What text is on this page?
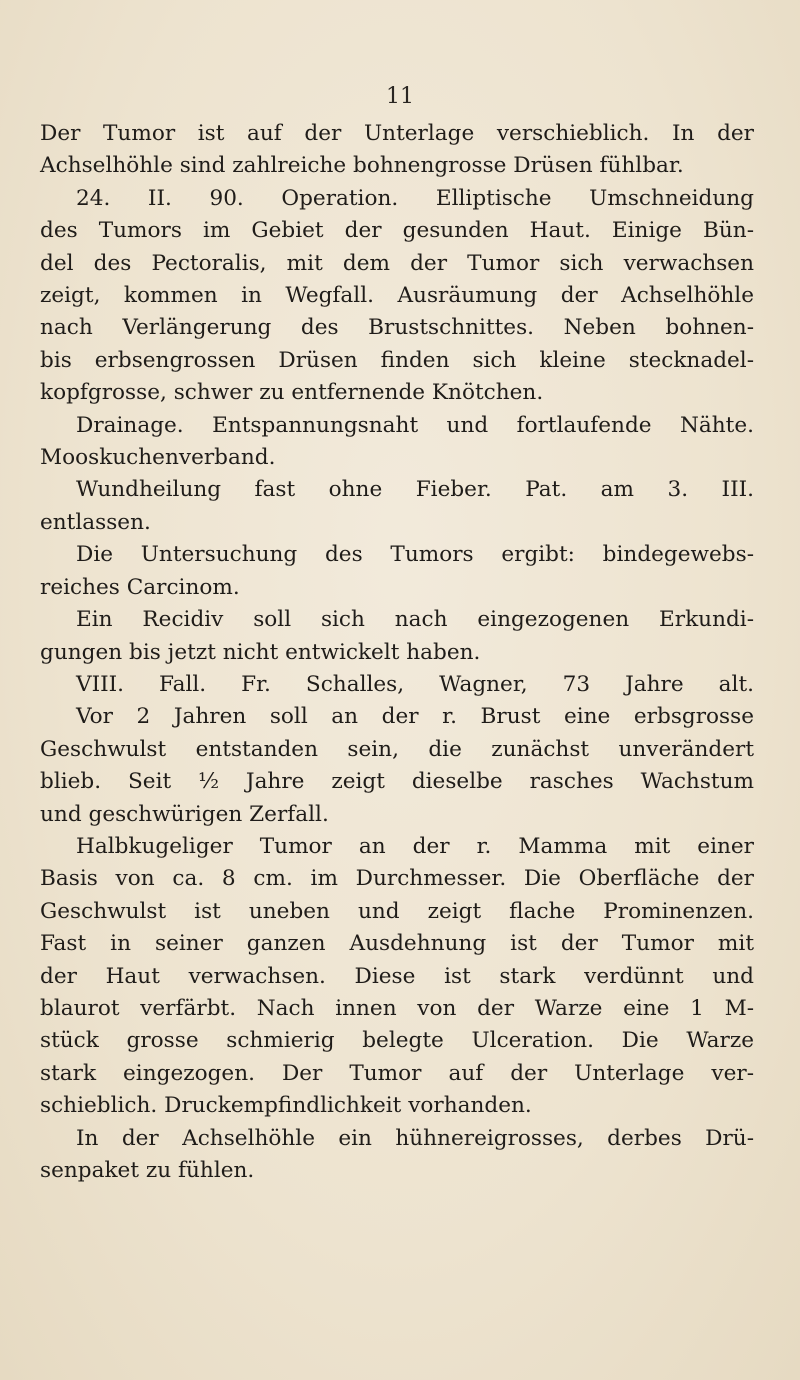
11
Der Tumor ist auf der Unterlage verschieblich. In der
Achselhöhle sind zahlreiche bohnengrosse Drüsen fühlbar.
24. II. 90. Operation. Elliptische Umschneidung
des Tumors im Gebiet der gesunden Haut. Einige Bün-
del des Pectoralis, mit dem der Tumor sich verwachsen
zeigt, kommen in Wegfall. Ausräumung der Achselhöhle
nach Verlängerung des Brustschnittes. Neben bohnen-
bis erbsengrossen Drüsen finden sich kleine stecknadel-
kopfgrosse, schwer zu entfernende Knötchen.
Drainage. Entspannungsnaht und fortlaufende Nähte.
Mooskuchenverband.
Wundheilung fast ohne Fieber. Pat. am 3. III.
entlassen.
Die Untersuchung des Tumors ergibt: bindegewebs-
reiches Carcinom.
Ein Recidiv soll sich nach eingezogenen Erkundi-
gungen bis jetzt nicht entwickelt haben.
VIII. Fall. Fr. Schalles, Wagner, 73 Jahre alt.
Vor 2 Jahren soll an der r. Brust eine erbsgrosse
Geschwulst entstanden sein, die zunächst unverändert
blieb. Seit ½ Jahre zeigt dieselbe rasches Wachstum
und geschwürigen Zerfall.
Halbkugeliger Tumor an der r. Mamma mit einer
Basis von ca. 8 cm. im Durchmesser. Die Oberfläche der
Geschwulst ist uneben und zeigt flache Prominenzen.
Fast in seiner ganzen Ausdehnung ist der Tumor mit
der Haut verwachsen. Diese ist stark verdünnt und
blaurot verfärbt. Nach innen von der Warze eine 1 M-
stück grosse schmierig belegte Ulceration. Die Warze
stark eingezogen. Der Tumor auf der Unterlage ver-
schieblich. Druckempfindlichkeit vorhanden.
In der Achselhöhle ein hühnereigrosses, derbes Drü-
senpaket zu fühlen.
